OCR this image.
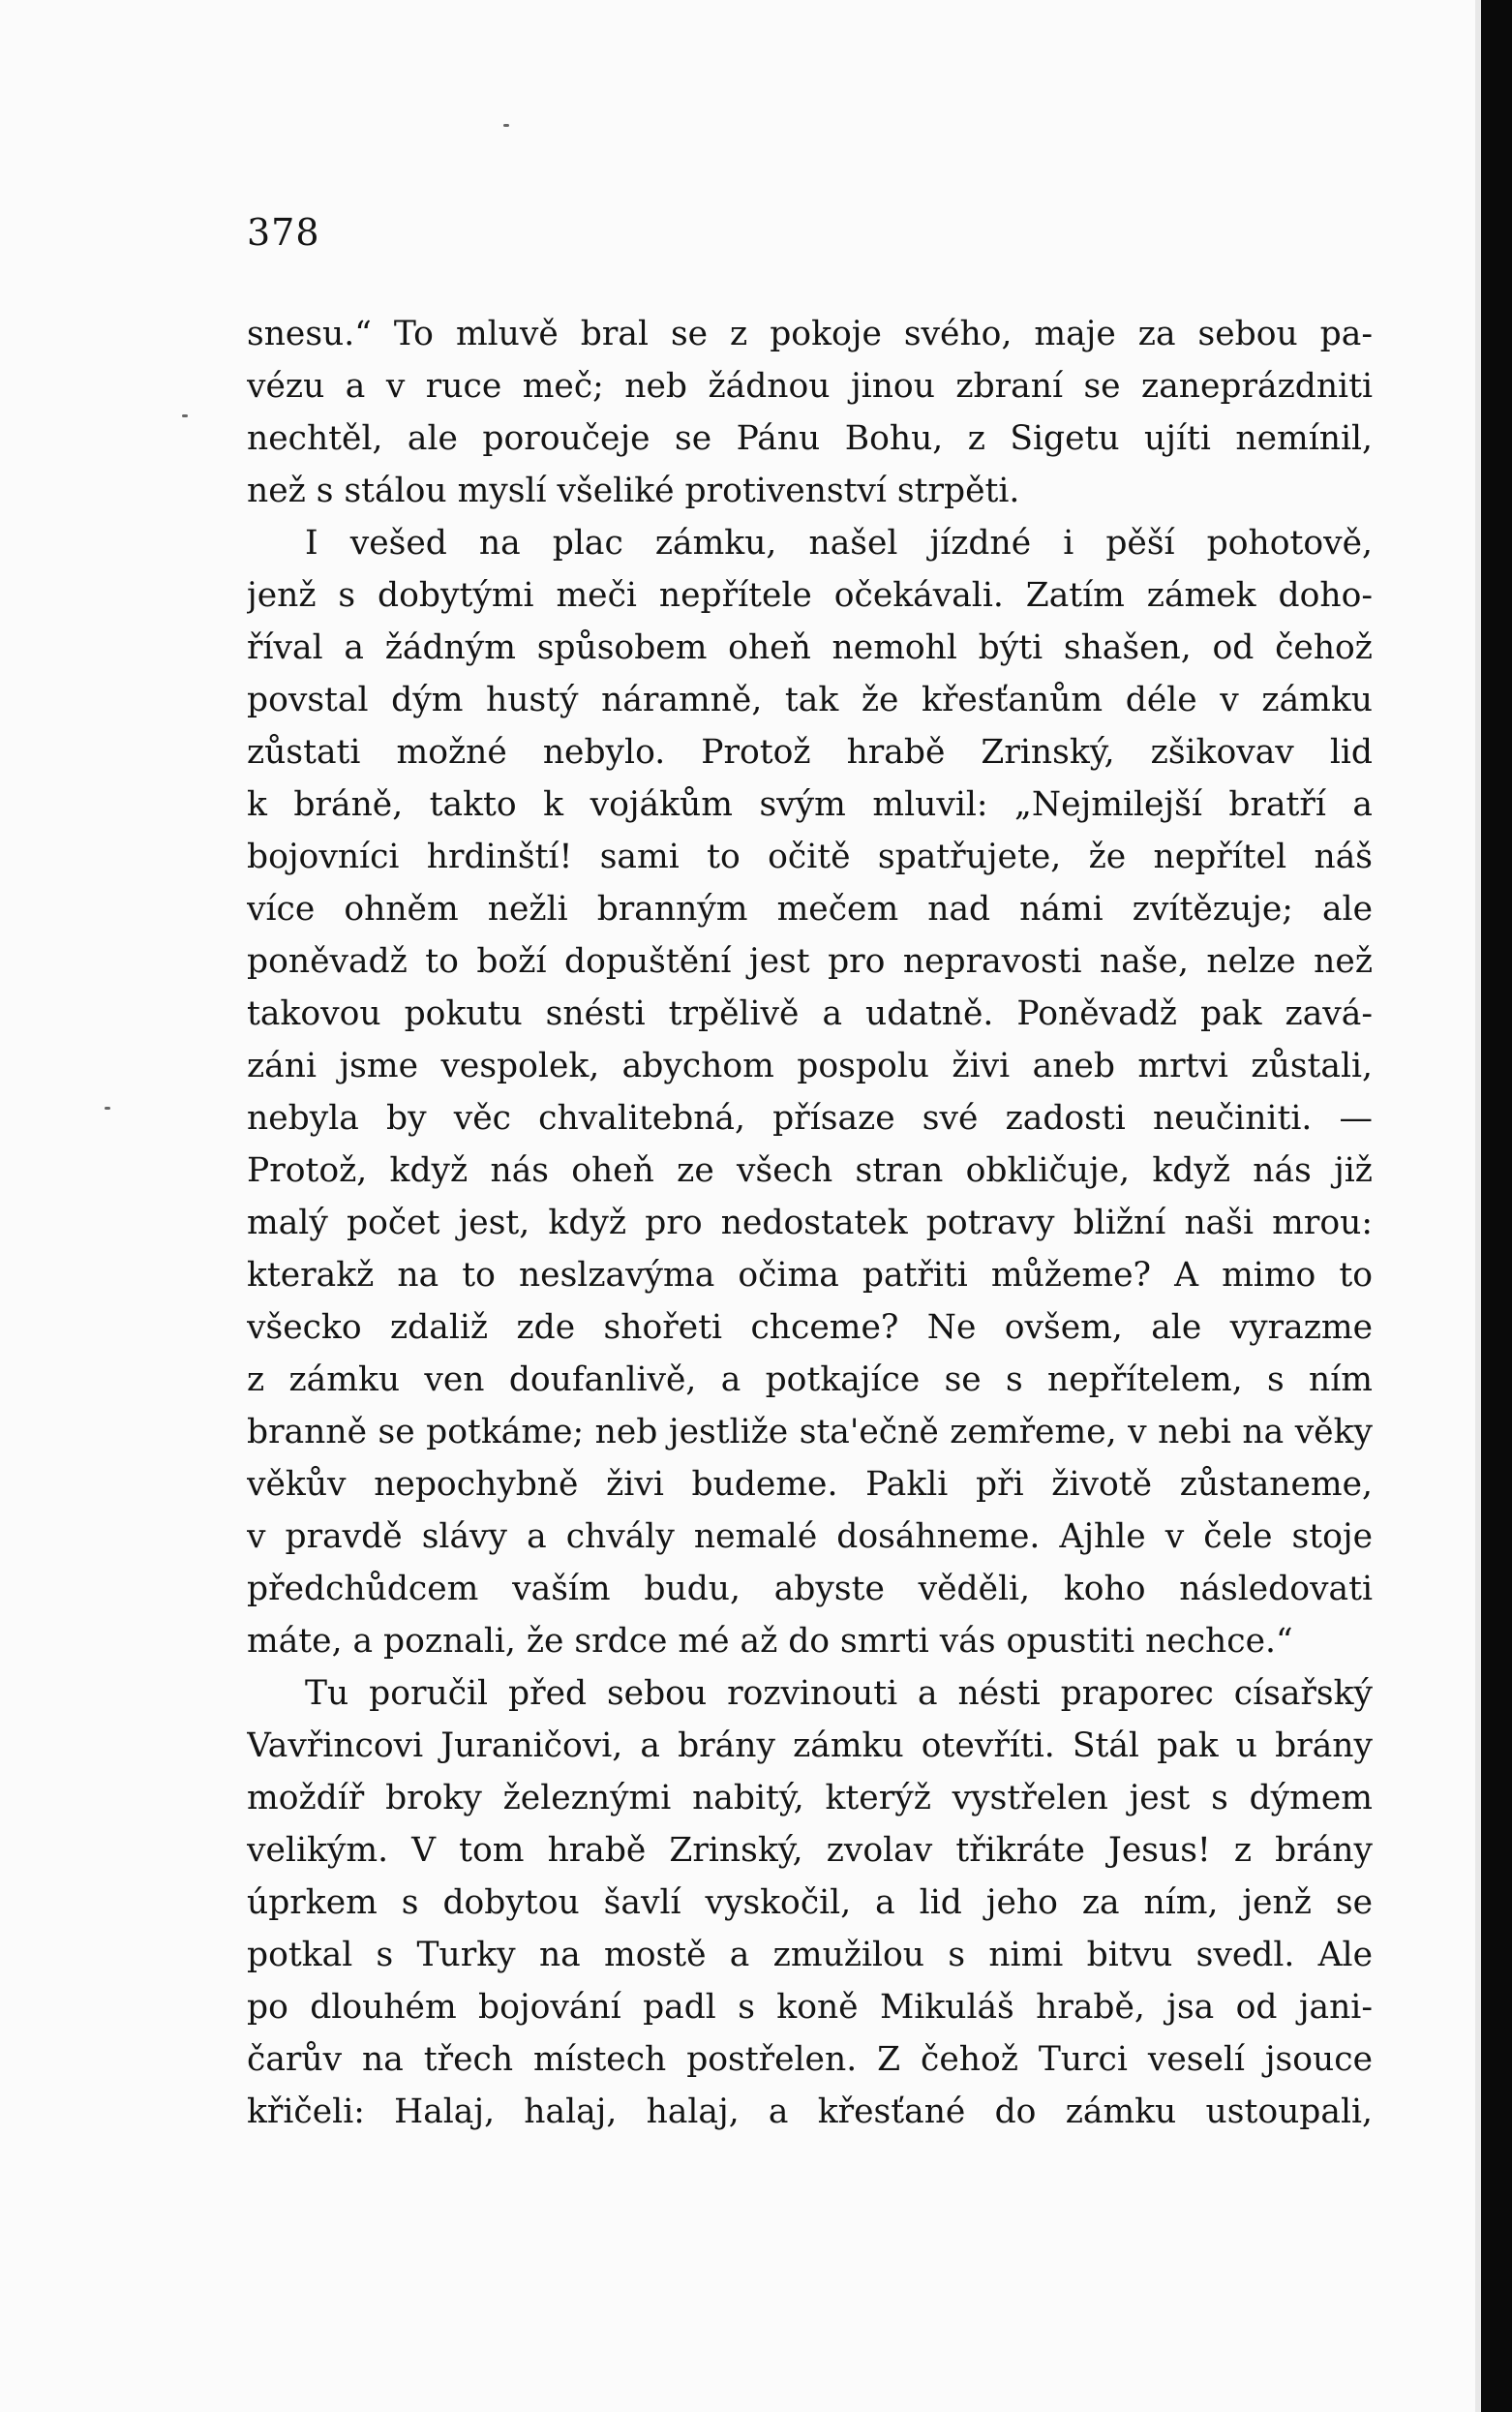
378
snesu.“ To mluvě bral se z pokoje svého, maje za sebou pa-
vézu a v ruce meč; neb žádnou jinou zbraní se zaneprázdniti
nechtěl, ale poroučeje se Pánu Bohu, z Sigetu ujíti nemínil,
než s stálou myslí všeliké protivenství strpěti.
I vešed na plac zámku, našel jízdné i pěší pohotově,
jenž s dobytými meči nepřítele očekávali. Zatím zámek doho-
říval a žádným spůsobem oheň nemohl býti shašen, od čehož
povstal dým hustý náramně, tak že křesťanům déle v zámku
zůstati možné nebylo. Protož hrabě Zrinský, zšikovav lid
k bráně, takto k vojákům svým mluvil: „Nejmilejší bratří a
bojovníci hrdinští! sami to očitě spatřujete, že nepřítel náš
více ohněm nežli branným mečem nad námi zvítězuje; ale
poněvadž to boží dopuštění jest pro nepravosti naše, nelze než
takovou pokutu snésti trpělivě a udatně. Poněvadž pak zavá-
záni jsme vespolek, abychom pospolu živi aneb mrtvi zůstali,
nebyla by věc chvalitebná, přísaze své zadosti neučiniti. —
Protož, když nás oheň ze všech stran obkličuje, když nás již
malý počet jest, když pro nedostatek potravy bližní naši mrou:
kterakž na to neslzavýma očima patřiti můžeme? A mimo to
všecko zdaliž zde shořeti chceme? Ne ovšem, ale vyrazme
z zámku ven doufanlivě, a potkajíce se s nepřítelem, s ním
branně se potkáme; neb jestliže sta'ečně zemřeme, v nebi na věky
věkův nepochybně živi budeme. Pakli při životě zůstaneme,
v pravdě slávy a chvály nemalé dosáhneme. Ajhle v čele stoje
předchůdcem vaším budu, abyste věděli, koho následovati
máte, a poznali, že srdce mé až do smrti vás opustiti nechce.“
Tu poručil před sebou rozvinouti a nésti praporec císařský
Vavřincovi Juraničovi, a brány zámku otevříti. Stál pak u brány
moždíř broky železnými nabitý, kterýž vystřelen jest s dýmem
velikým. V tom hrabě Zrinský, zvolav třikráte Jesus! z brány
úprkem s dobytou šavlí vyskočil, a lid jeho za ním, jenž se
potkal s Turky na mostě a zmužilou s nimi bitvu svedl. Ale
po dlouhém bojování padl s koně Mikuláš hrabě, jsa od jani-
čarův na třech místech postřelen. Z čehož Turci veselí jsouce
křičeli: Halaj, halaj, halaj, a křesťané do zámku ustoupali,
